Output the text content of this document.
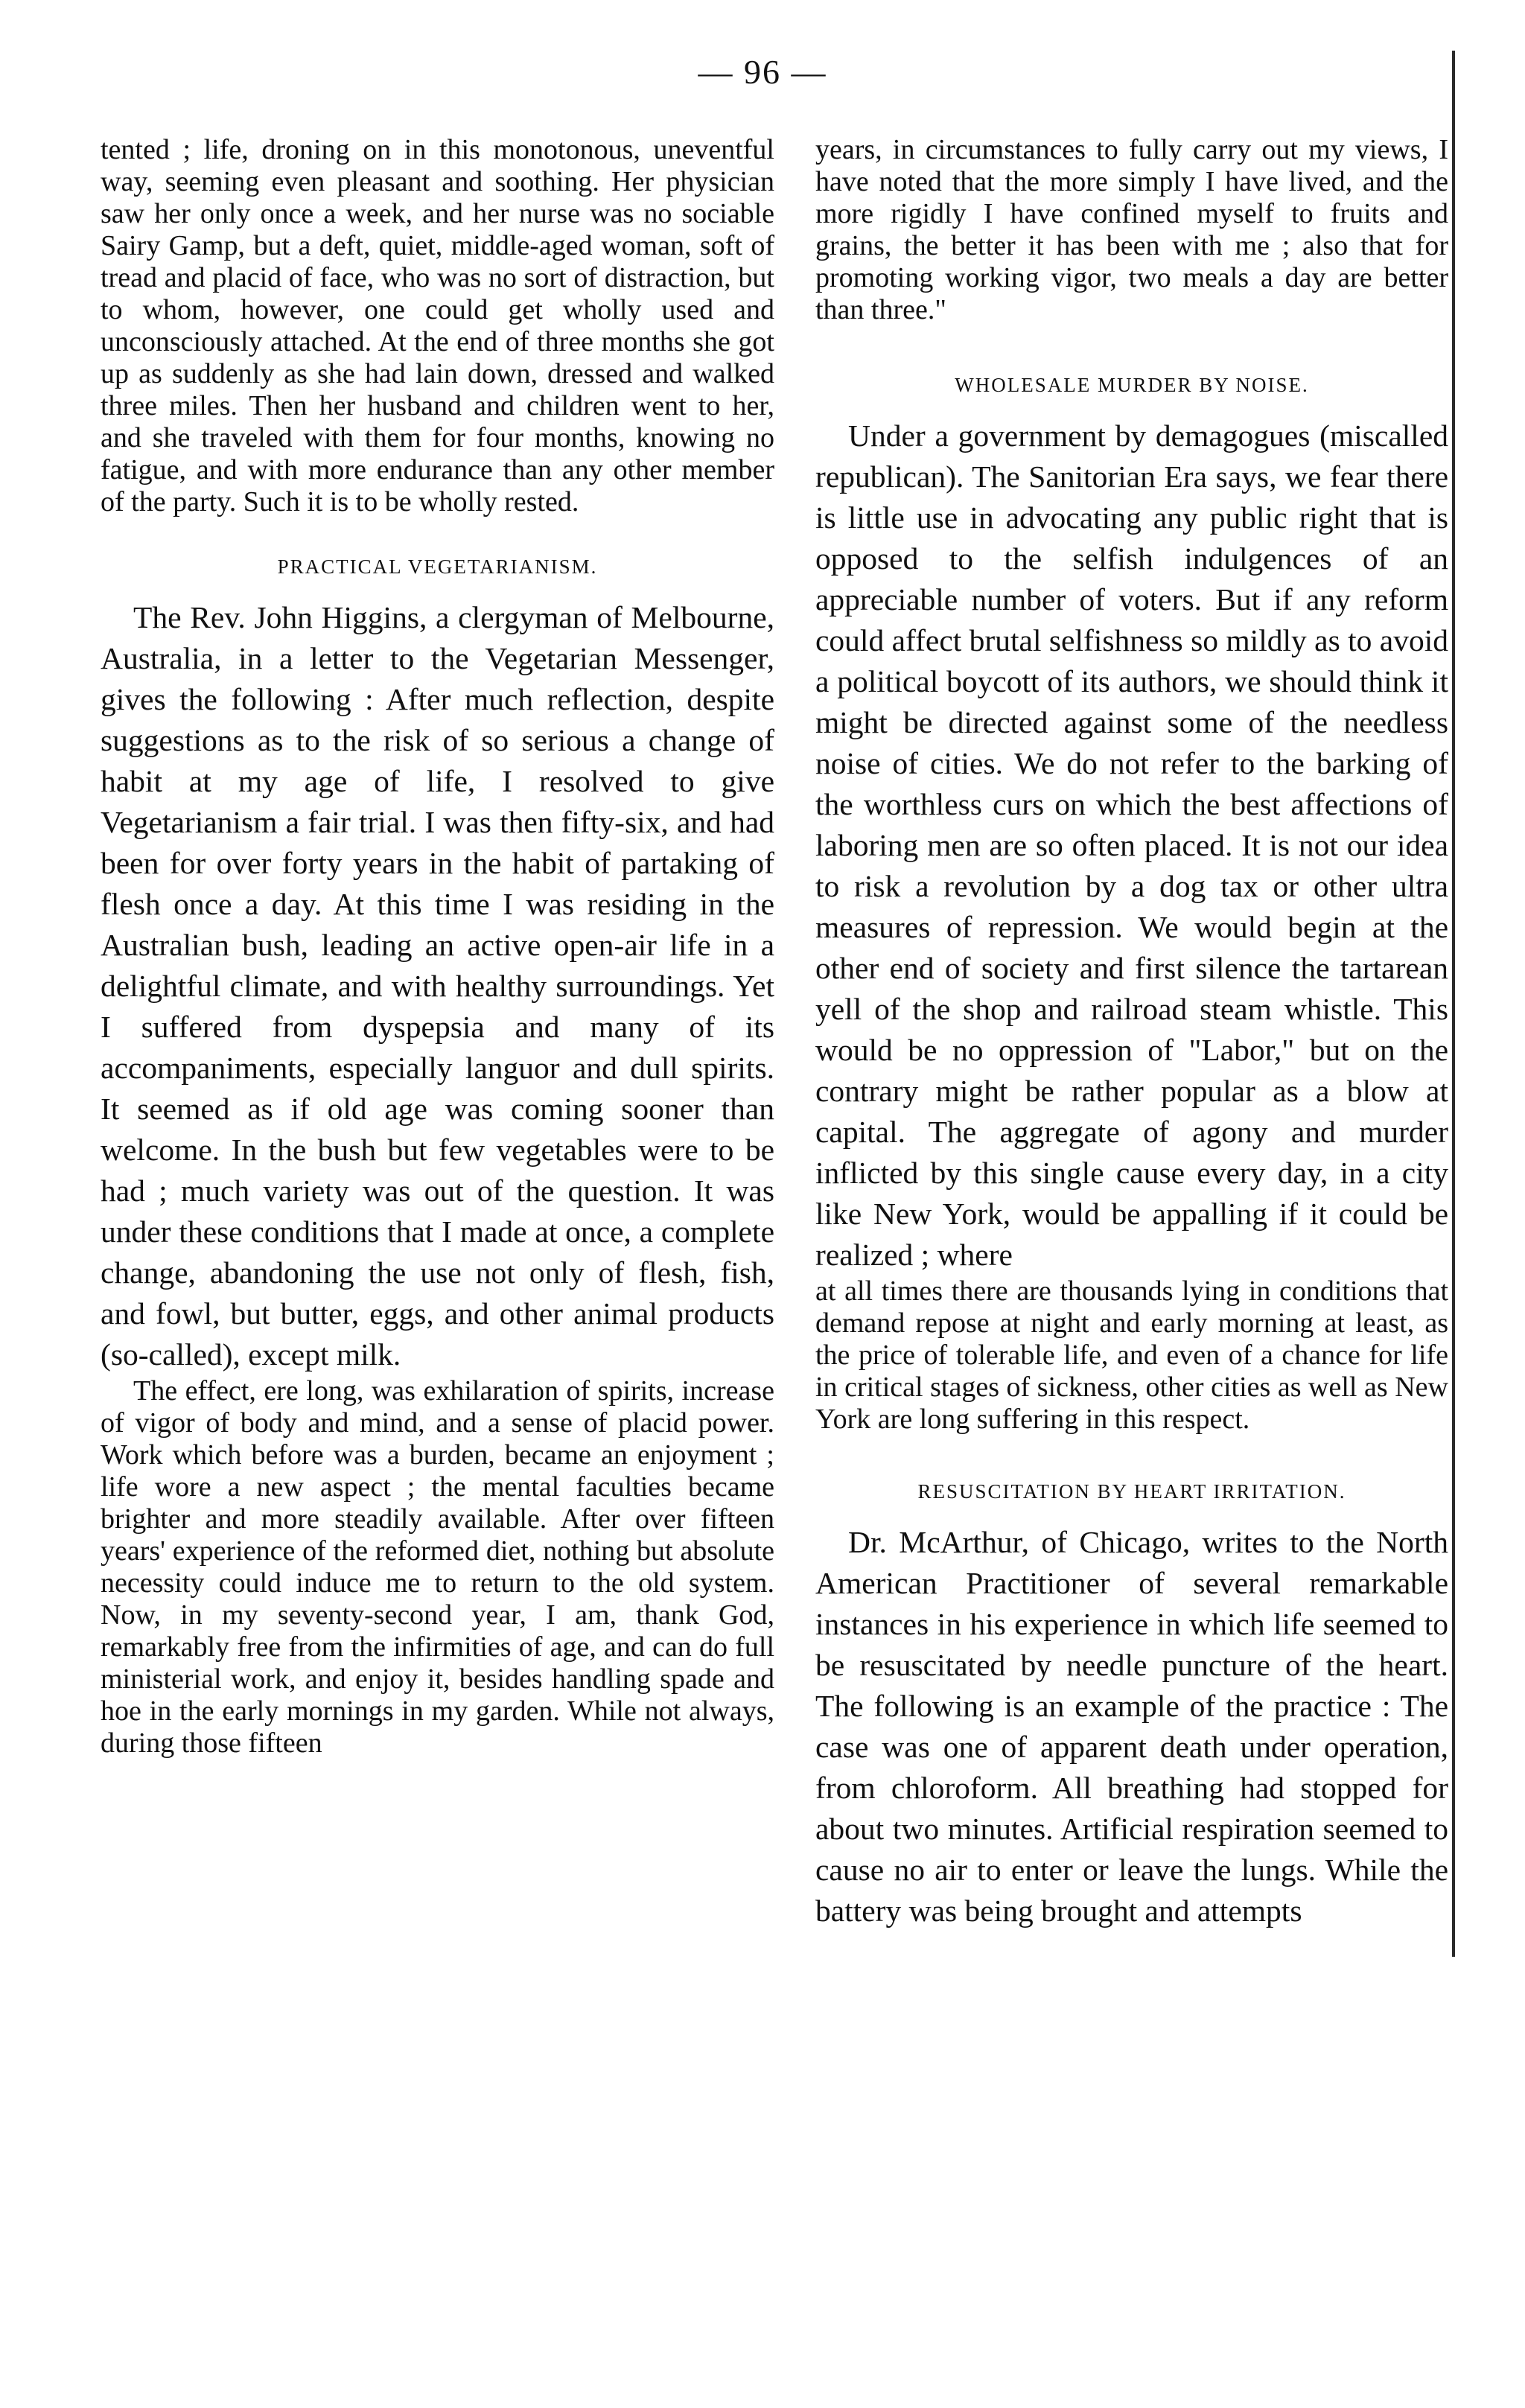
— 96 —

tented ; life, droning on in this monotonous, uneventful way, seeming even pleasant and soothing. Her physician saw her only once a week, and her nurse was no sociable Sairy Gamp, but a deft, quiet, middle-aged woman, soft of tread and placid of face, who was no sort of distraction, but to whom, however, one could get wholly used and unconsciously attached. At the end of three months she got up as suddenly as she had lain down, dressed and walked three miles. Then her husband and children went to her, and she traveled with them for four months, knowing no fatigue, and with more endurance than any other member of the party. Such it is to be wholly rested.

PRACTICAL VEGETARIANISM.

The Rev. John Higgins, a clergyman of Melbourne, Australia, in a letter to the Vegetarian Messenger, gives the following : After much reflection, despite suggestions as to the risk of so serious a change of habit at my age of life, I resolved to give Vegetarianism a fair trial. I was then fifty-six, and had been for over forty years in the habit of partaking of flesh once a day. At this time I was residing in the Australian bush, leading an active open-air life in a delightful climate, and with healthy surroundings. Yet I suffered from dyspepsia and many of its accompaniments, especially languor and dull spirits. It seemed as if old age was coming sooner than welcome. In the bush but few vegetables were to be had ; much variety was out of the question. It was under these conditions that I made at once, a complete change, abandoning the use not only of flesh, fish, and fowl, but butter, eggs, and other animal products (so-called), except milk.

The effect, ere long, was exhilaration of spirits, increase of vigor of body and mind, and a sense of placid power. Work which before was a burden, became an enjoyment ; life wore a new aspect ; the mental faculties became brighter and more steadily available. After over fifteen years' experience of the reformed diet, nothing but absolute necessity could induce me to return to the old system. Now, in my seventy-second year, I am, thank God, remarkably free from the infirmities of age, and can do full ministerial work, and enjoy it, besides handling spade and hoe in the early mornings in my garden. While not always, during those fifteen

years, in circumstances to fully carry out my views, I have noted that the more simply I have lived, and the more rigidly I have confined myself to fruits and grains, the better it has been with me ; also that for promoting working vigor, two meals a day are better than three."

WHOLESALE MURDER BY NOISE.

Under a government by demagogues (miscalled republican). The Sanitorian Era says, we fear there is little use in advocating any public right that is opposed to the selfish indulgences of an appreciable number of voters. But if any reform could affect brutal selfishness so mildly as to avoid a political boycott of its authors, we should think it might be directed against some of the needless noise of cities. We do not refer to the barking of the worthless curs on which the best affections of laboring men are so often placed. It is not our idea to risk a revolution by a dog tax or other ultra measures of repression. We would begin at the other end of society and first silence the tartarean yell of the shop and railroad steam whistle. This would be no oppression of "Labor," but on the contrary might be rather popular as a blow at capital. The aggregate of agony and murder inflicted by this single cause every day, in a city like New York, would be appalling if it could be realized ; where

at all times there are thousands lying in conditions that demand repose at night and early morning at least, as the price of tolerable life, and even of a chance for life in critical stages of sickness, other cities as well as New York are long suffering in this respect.

RESUSCITATION BY HEART IRRITATION.

Dr. McArthur, of Chicago, writes to the North American Practitioner of several remarkable instances in his experience in which life seemed to be resuscitated by needle puncture of the heart. The following is an example of the practice : The case was one of apparent death under operation, from chloroform. All breathing had stopped for about two minutes. Artificial respiration seemed to cause no air to enter or leave the lungs. While the battery was being brought and attempts
